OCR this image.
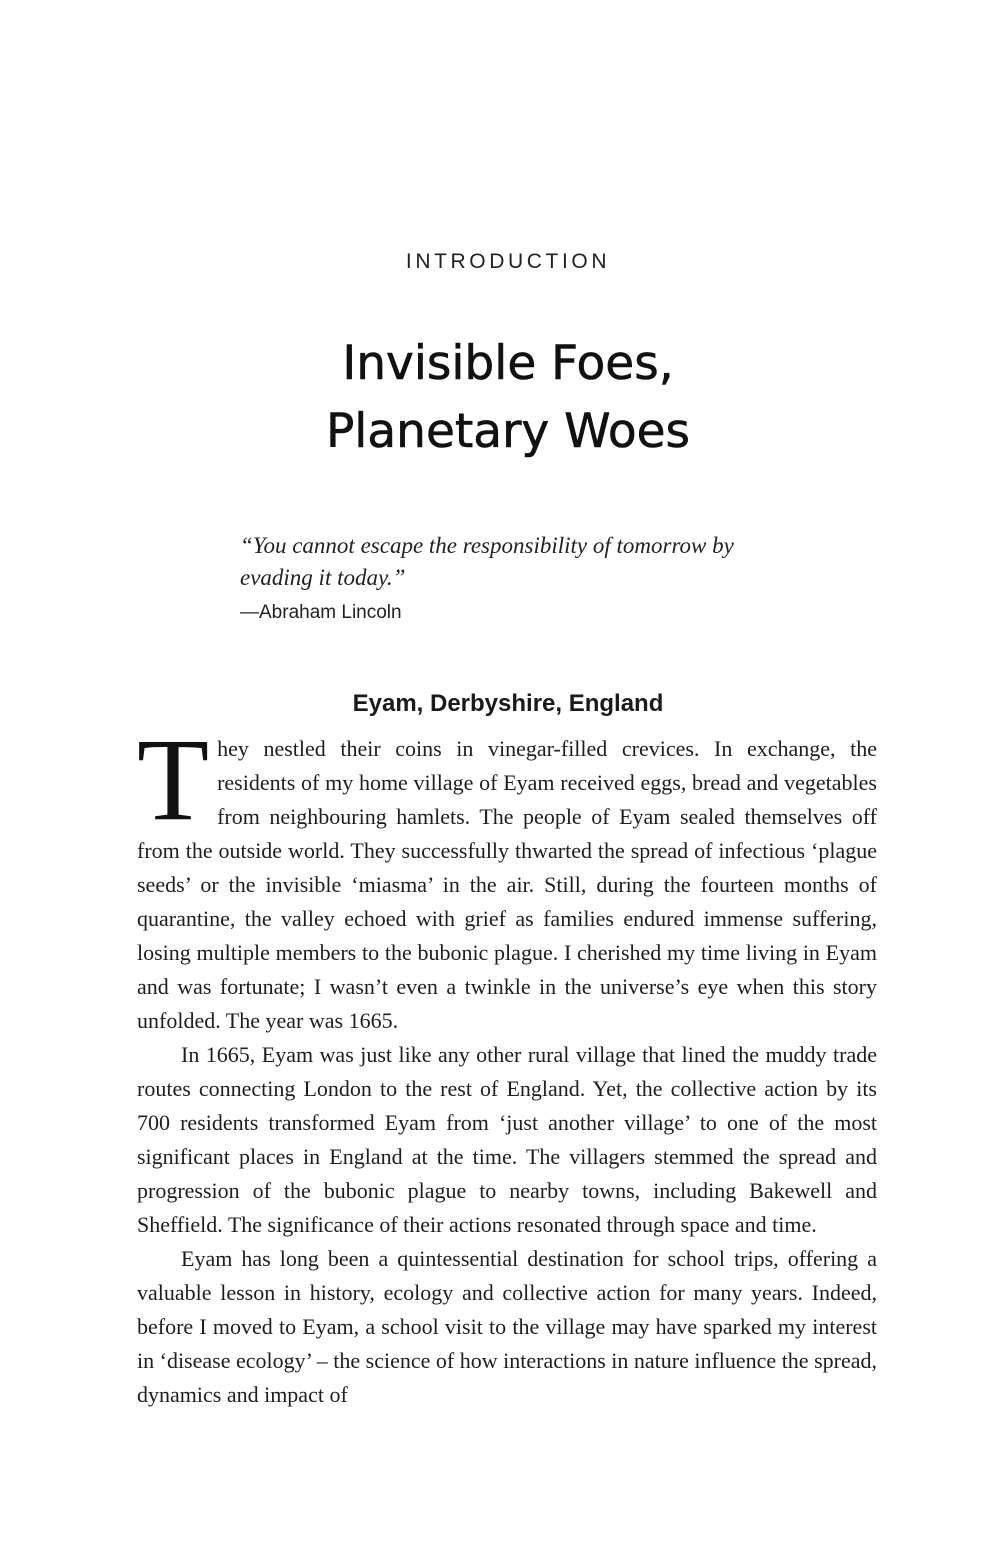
INTRODUCTION
Invisible Foes,
Planetary Woes

“You cannot escape the responsibility of tomorrow by evading it today.”

—Abraham Lincoln
Eyam, Derbyshire, England

They nestled their coins in vinegar-filled crevices. In exchange, the residents of my home village of Eyam received eggs, bread and vegetables from neighbouring hamlets. The people of Eyam sealed themselves off from the outside world. They successfully thwarted the spread of infectious ‘plague seeds’ or the invisible ‘miasma’ in the air. Still, during the fourteen months of quarantine, the valley echoed with grief as families endured immense suffering, losing multiple members to the bubonic plague. I cherished my time living in Eyam and was fortunate; I wasn’t even a twinkle in the universe’s eye when this story unfolded. The year was 1665.

In 1665, Eyam was just like any other rural village that lined the muddy trade routes connecting London to the rest of England. Yet, the collective action by its 700 residents transformed Eyam from ‘just another village’ to one of the most significant places in England at the time. The villagers stemmed the spread and progression of the bubonic plague to nearby towns, including Bakewell and Sheffield. The significance of their actions resonated through space and time.

Eyam has long been a quintessential destination for school trips, offering a valuable lesson in history, ecology and collective action for many years. Indeed, before I moved to Eyam, a school visit to the village may have sparked my interest in ‘disease ecology’ – the science of how interactions in nature influence the spread, dynamics and impact of
